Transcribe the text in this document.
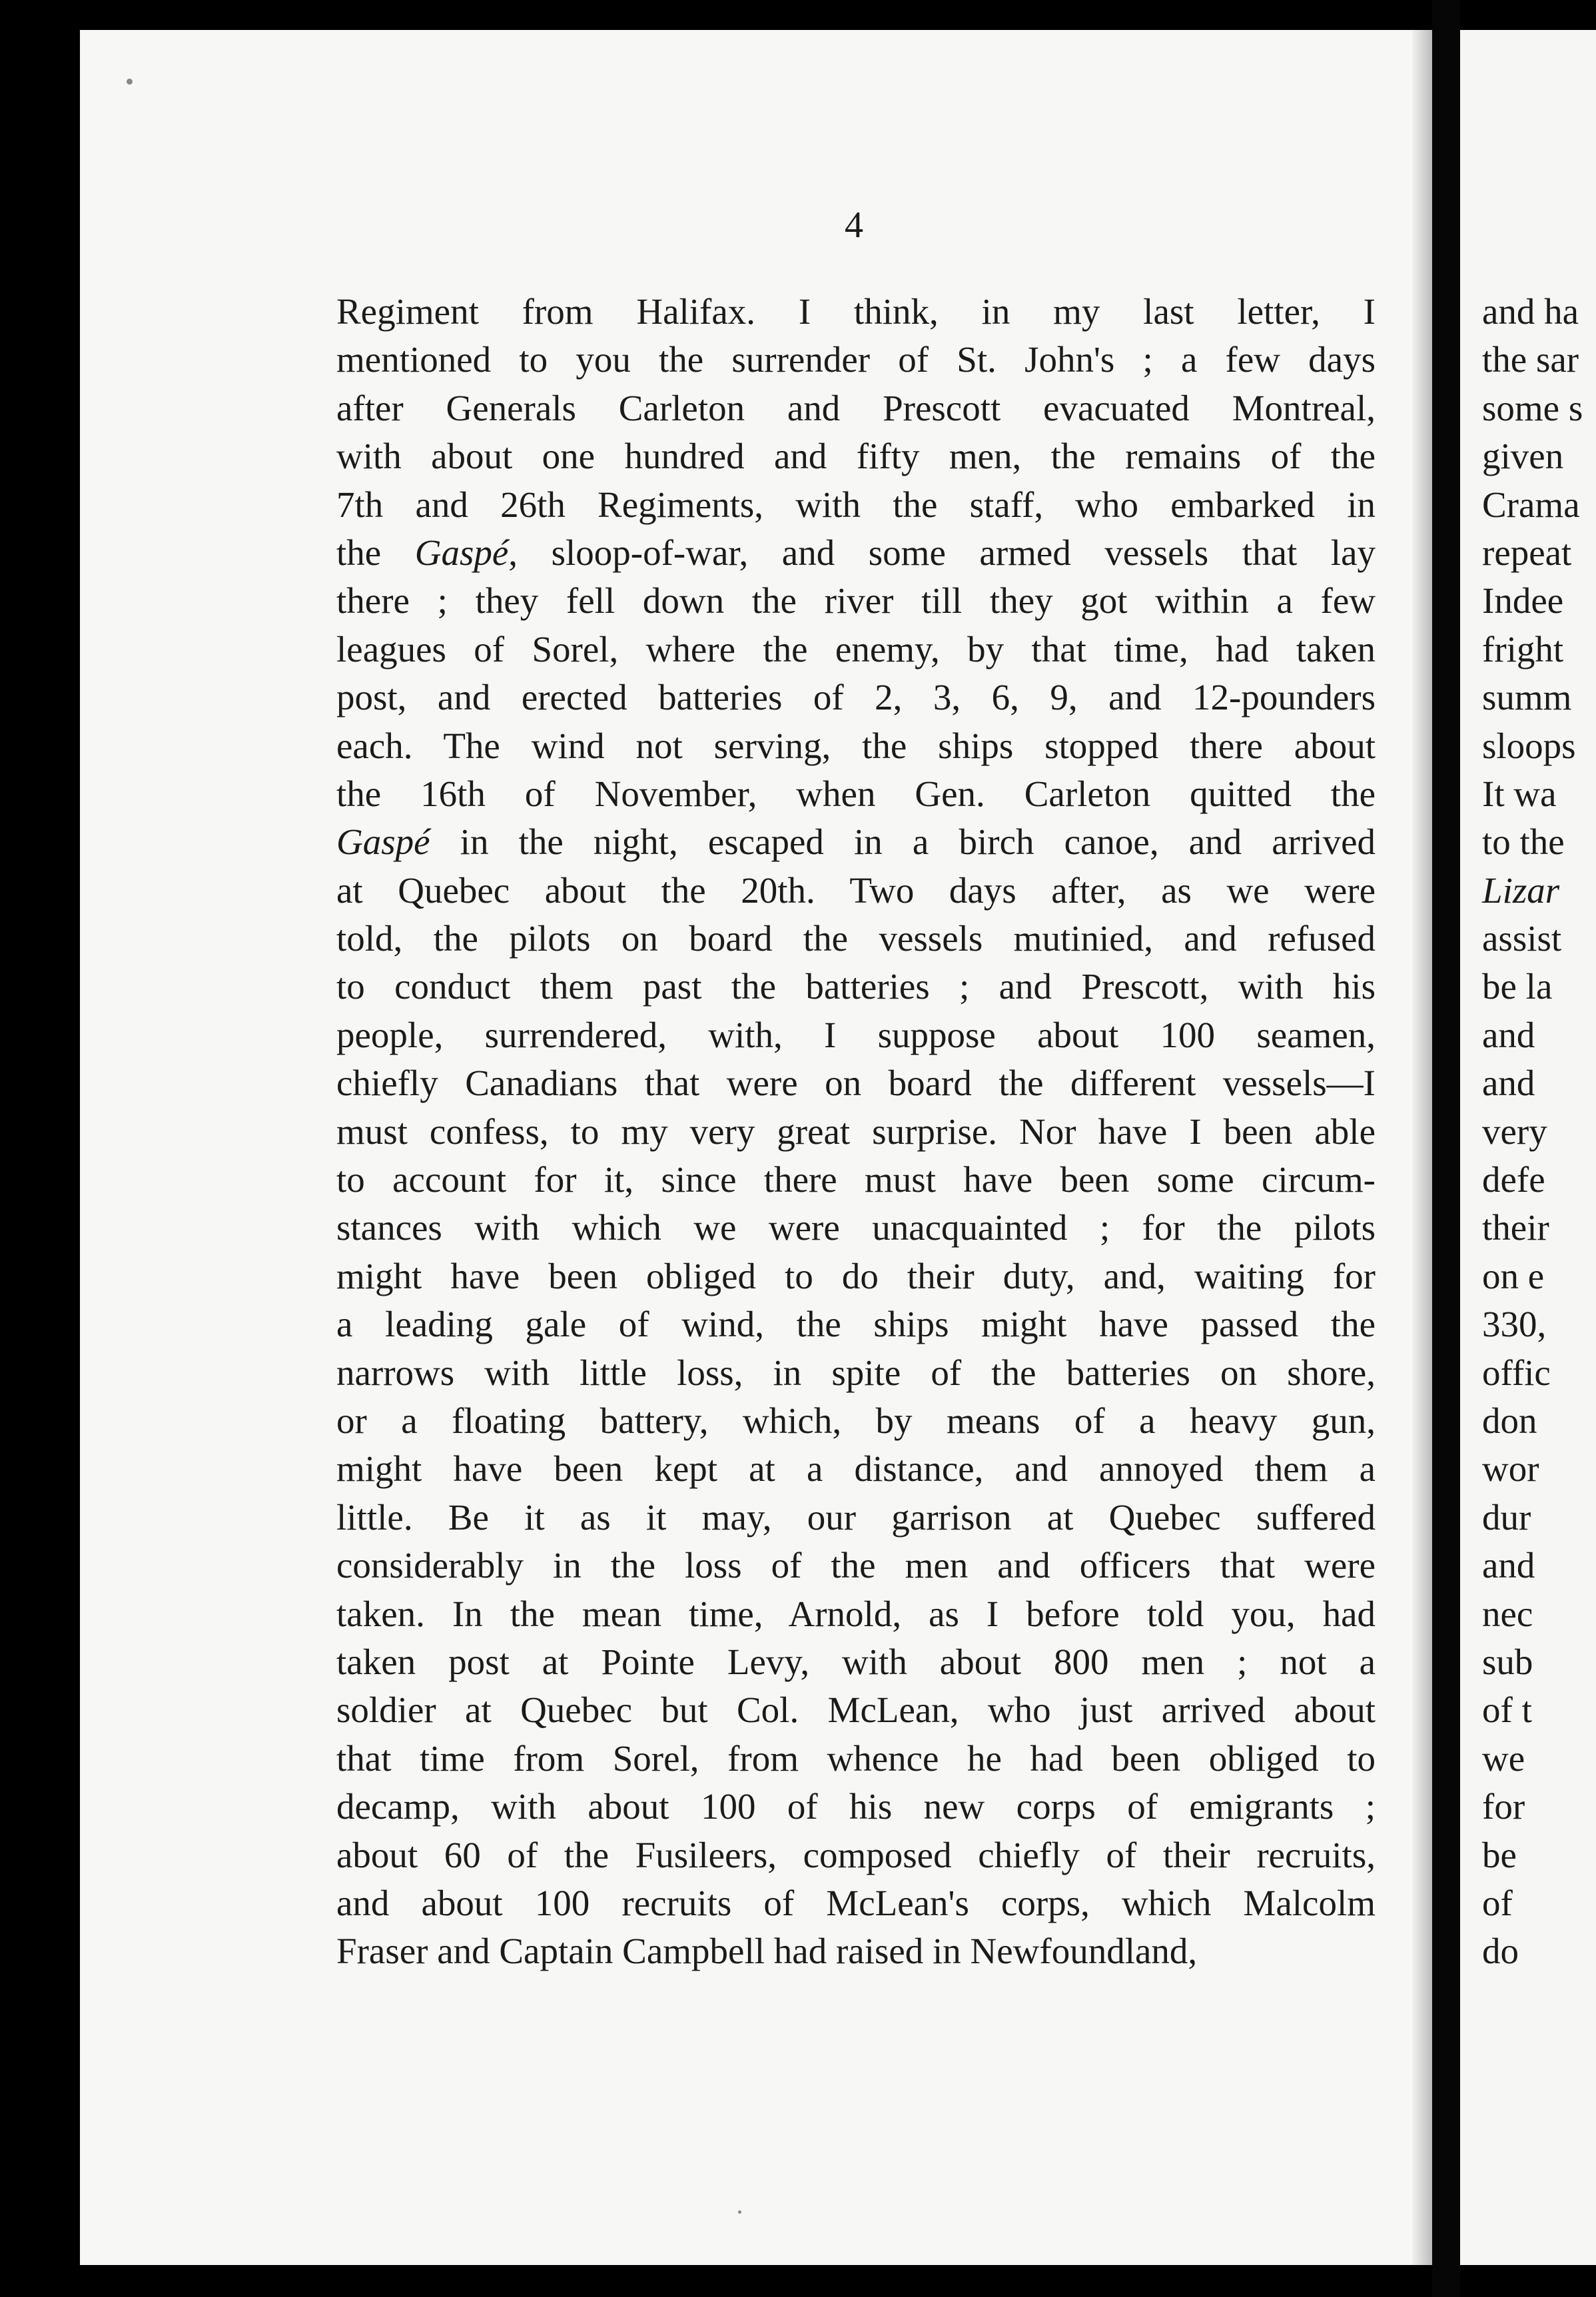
4
Regiment from Halifax. I think, in my last letter, I
mentioned to you the surrender of St. John's ; a few days
after Generals Carleton and Prescott evacuated Montreal,
with about one hundred and fifty men, the remains of the
7th and 26th Regiments, with the staff, who embarked in
the Gaspé, sloop-of-war, and some armed vessels that lay
there ; they fell down the river till they got within a few
leagues of Sorel, where the enemy, by that time, had taken
post, and erected batteries of 2, 3, 6, 9, and 12-pounders
each. The wind not serving, the ships stopped there about
the 16th of November, when Gen. Carleton quitted the
Gaspé in the night, escaped in a birch canoe, and arrived
at Quebec about the 20th. Two days after, as we were
told, the pilots on board the vessels mutinied, and refused
to conduct them past the batteries ; and Prescott, with his
people, surrendered, with, I suppose about 100 seamen,
chiefly Canadians that were on board the different vessels—I
must confess, to my very great surprise. Nor have I been able
to account for it, since there must have been some circum-
stances with which we were unacquainted ; for the pilots
might have been obliged to do their duty, and, waiting for
a leading gale of wind, the ships might have passed the
narrows with little loss, in spite of the batteries on shore,
or a floating battery, which, by means of a heavy gun,
might have been kept at a distance, and annoyed them a
little. Be it as it may, our garrison at Quebec suffered
considerably in the loss of the men and officers that were
taken. In the mean time, Arnold, as I before told you, had
taken post at Pointe Levy, with about 800 men ; not a
soldier at Quebec but Col. McLean, who just arrived about
that time from Sorel, from whence he had been obliged to
decamp, with about 100 of his new corps of emigrants ;
about 60 of the Fusileers, composed chiefly of their recruits,
and about 100 recruits of McLean's corps, which Malcolm
Fraser and Captain Campbell had raised in Newfoundland,
and ha
the sar
some s
given
Crama
repeat
Indee
fright
summ
sloops
It wa
to the
Lizar
assist
be la
and
and
very
defe
their
on e
330,
offic
don
wor
dur
and
nec
sub
of t
we
for
be
of
do
